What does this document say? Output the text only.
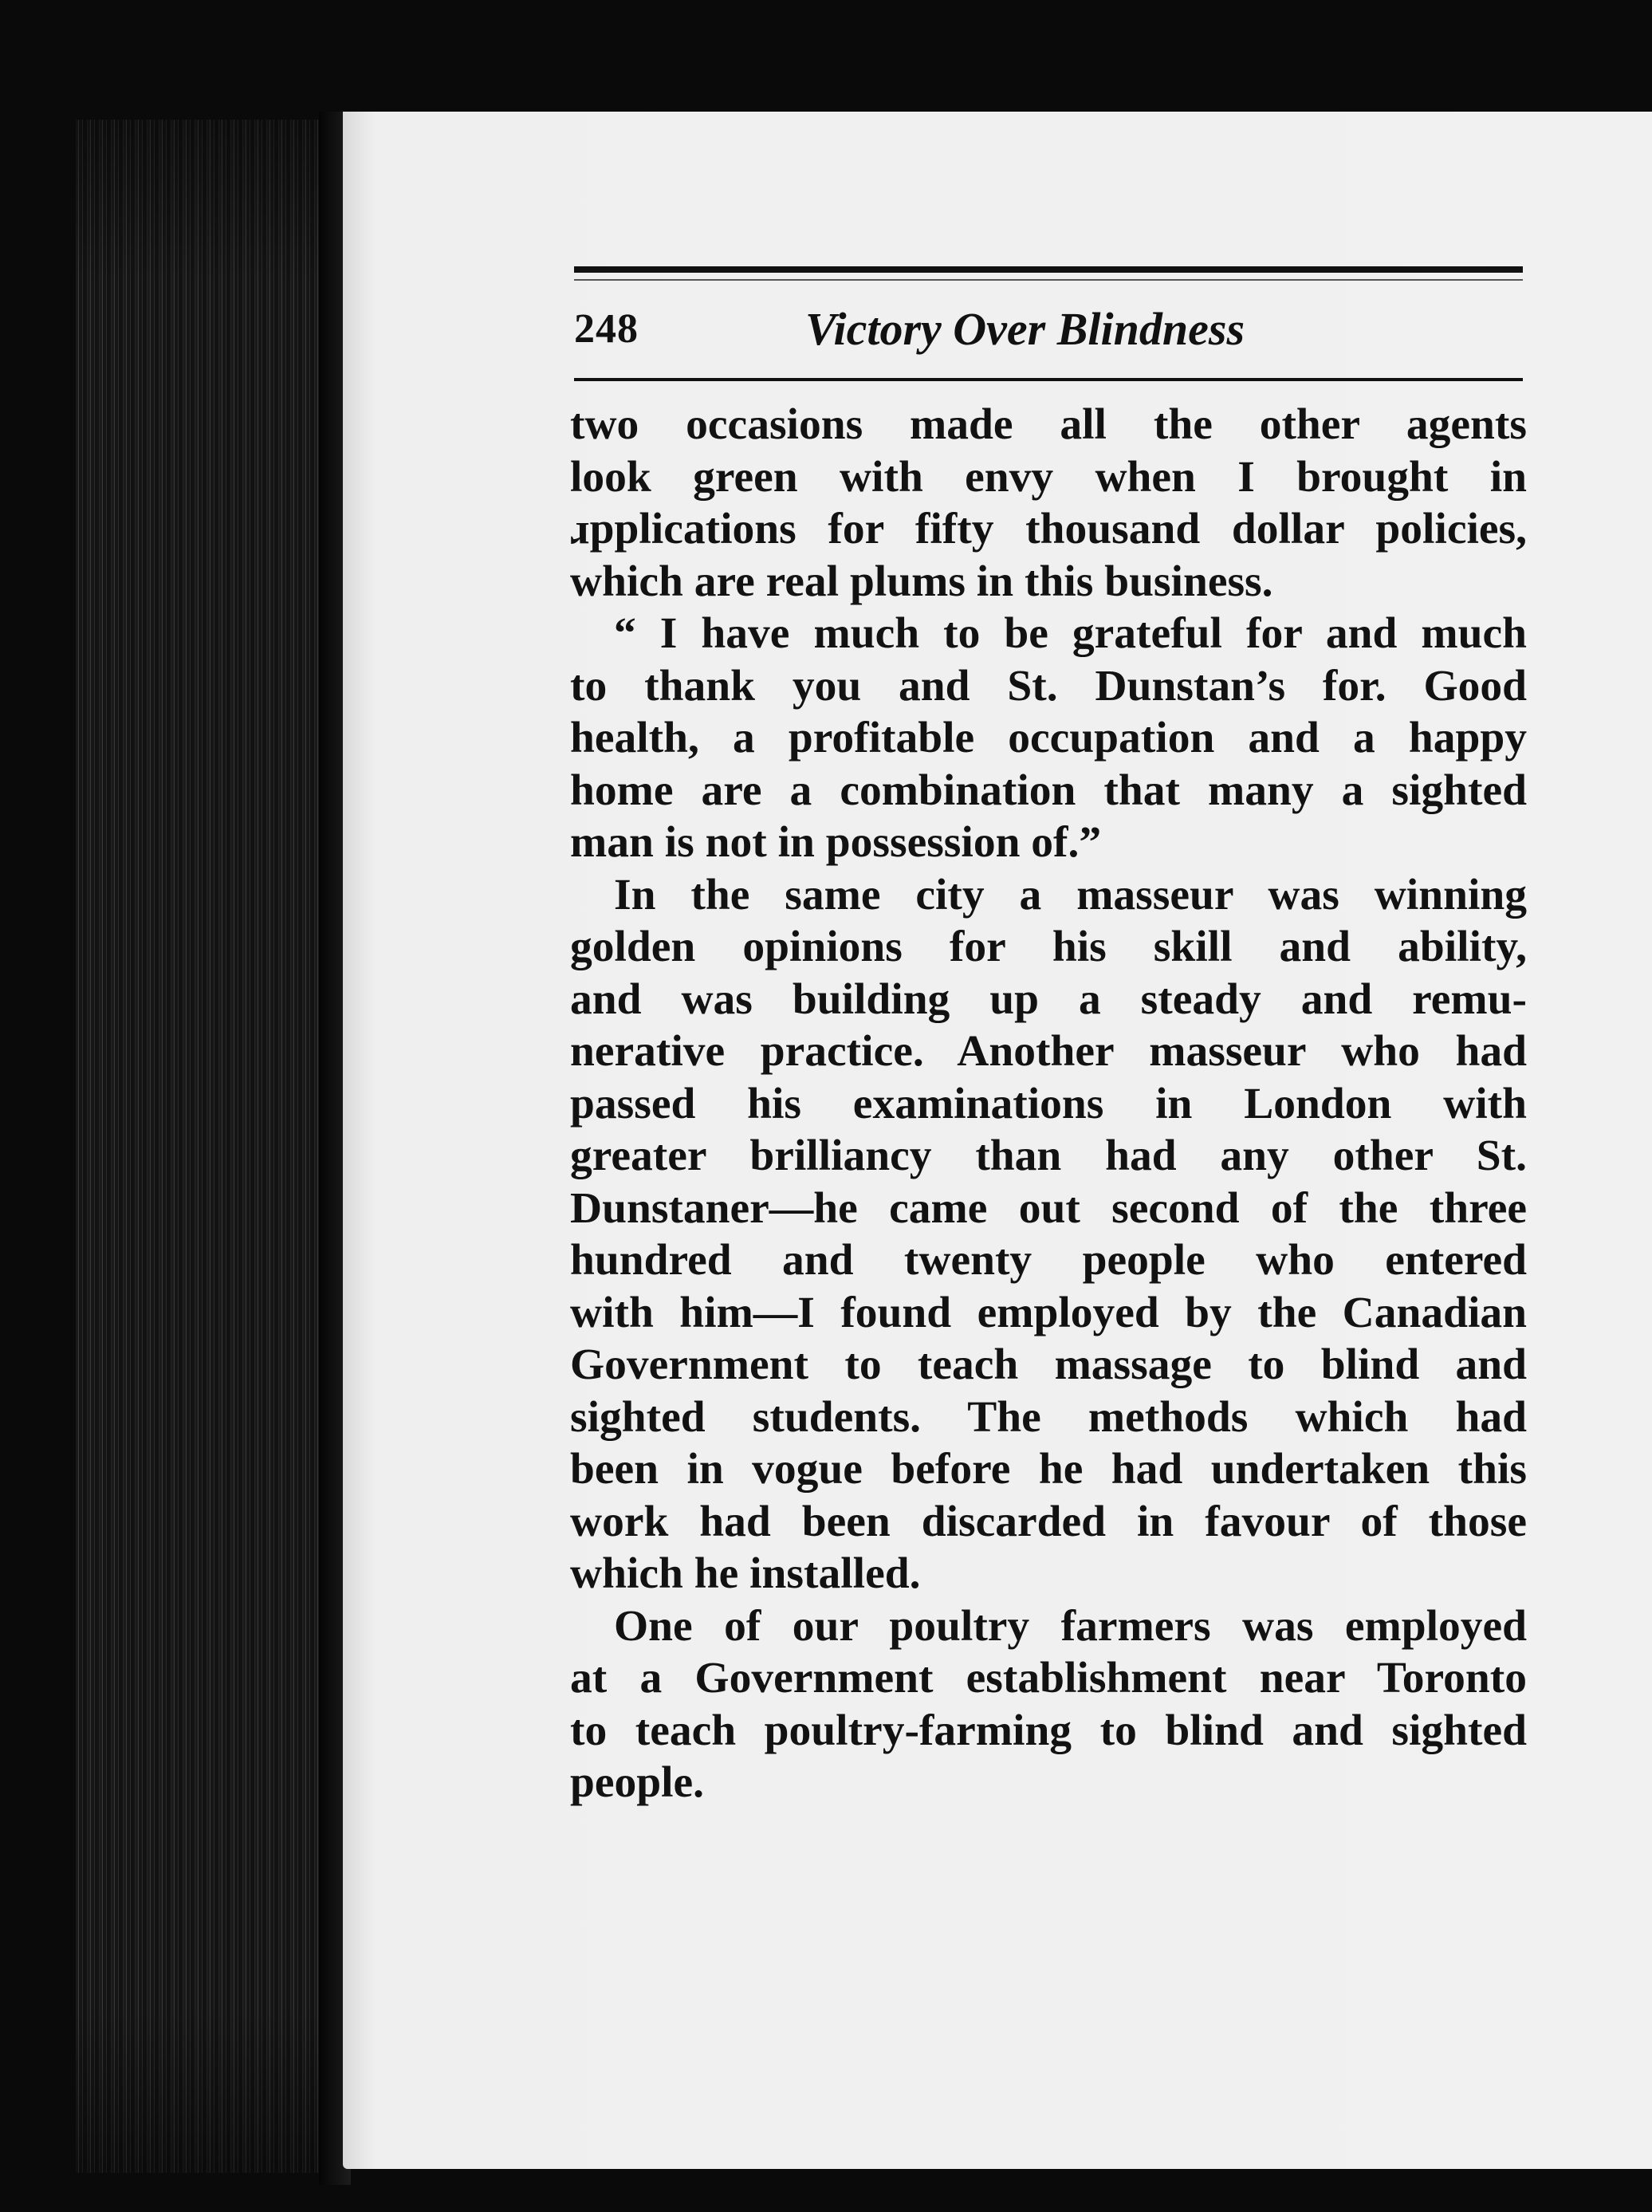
248	Victory Over Blindness

two occasions made all the other agents
look green with envy when I brought in
ɹpplications for fifty thousand dollar policies,
which are real plums in this business.

“ I have much to be grateful for and much
to thank you and St. Dunstan’s for. Good
health, a profitable occupation and a happy
home are a combination that many a sighted
man is not in possession of.”

In the same city a masseur was winning
golden opinions for his skill and ability,
and was building up a steady and remu-
nerative practice. Another masseur who had
passed his examinations in London with
greater brilliancy than had any other St.
Dunstaner—he came out second of the three
hundred and twenty people who entered
with him—I found employed by the Canadian
Government to teach massage to blind and
sighted students. The methods which had
been in vogue before he had undertaken this
work had been discarded in favour of those
which he installed.

One of our poultry farmers was employed
at a Government establishment near Toronto
to teach poultry-farming to blind and sighted
people.
